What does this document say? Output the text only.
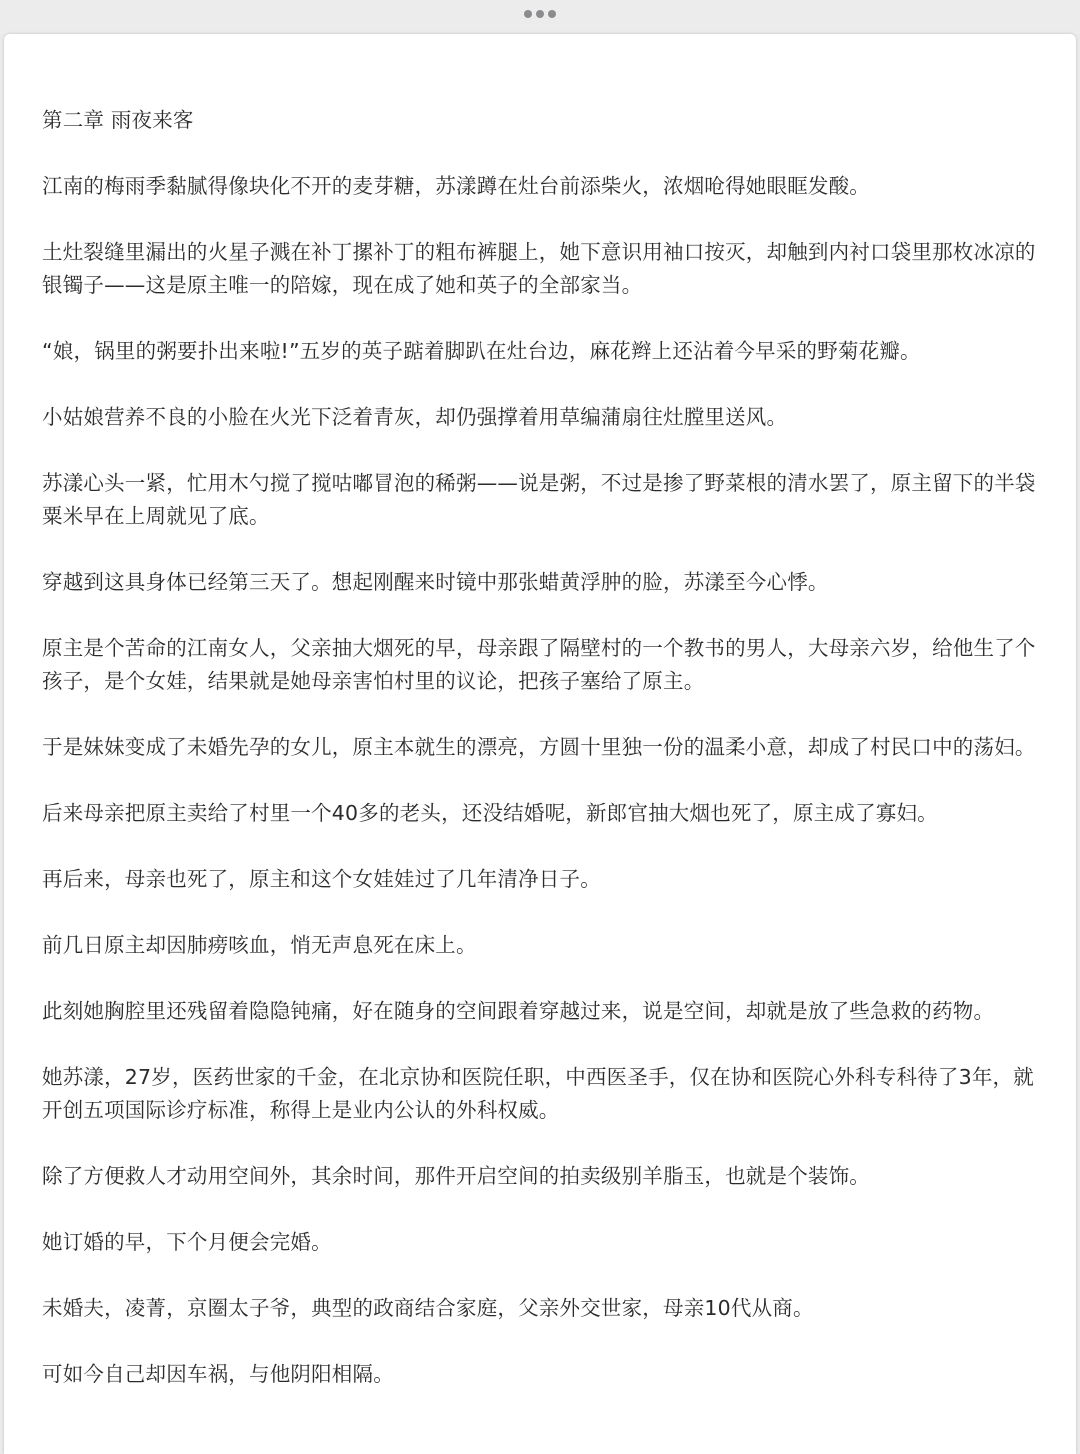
第二章 雨夜来客

江南的梅雨季黏腻得像块化不开的麦芽糖，苏漾蹲在灶台前添柴火，浓烟呛得她眼眶发酸。

土灶裂缝里漏出的火星子溅在补丁摞补丁的粗布裤腿上，她下意识用袖口按灭，却触到内衬口袋里那枚冰凉的银镯子——这是原主唯一的陪嫁，现在成了她和英子的全部家当。

“娘，锅里的粥要扑出来啦!”五岁的英子踮着脚趴在灶台边，麻花辫上还沾着今早采的野菊花瓣。

小姑娘营养不良的小脸在火光下泛着青灰，却仍强撑着用草编蒲扇往灶膛里送风。

苏漾心头一紧，忙用木勺搅了搅咕嘟冒泡的稀粥——说是粥，不过是掺了野菜根的清水罢了，原主留下的半袋粟米早在上周就见了底。

穿越到这具身体已经第三天了。想起刚醒来时镜中那张蜡黄浮肿的脸，苏漾至今心悸。

原主是个苦命的江南女人，父亲抽大烟死的早，母亲跟了隔壁村的一个教书的男人，大母亲六岁，给他生了个孩子，是个女娃，结果就是她母亲害怕村里的议论，把孩子塞给了原主。

于是妹妹变成了未婚先孕的女儿，原主本就生的漂亮，方圆十里独一份的温柔小意，却成了村民口中的荡妇。

后来母亲把原主卖给了村里一个40多的老头，还没结婚呢，新郎官抽大烟也死了，原主成了寡妇。

再后来，母亲也死了，原主和这个女娃娃过了几年清净日子。

前几日原主却因肺痨咳血，悄无声息死在床上。

此刻她胸腔里还残留着隐隐钝痛，好在随身的空间跟着穿越过来，说是空间，却就是放了些急救的药物。

她苏漾，27岁，医药世家的千金，在北京协和医院任职，中西医圣手，仅在协和医院心外科专科待了3年，就开创五项国际诊疗标准，称得上是业内公认的外科权威。

除了方便救人才动用空间外，其余时间，那件开启空间的拍卖级别羊脂玉，也就是个装饰。

她订婚的早，下个月便会完婚。

未婚夫，凌菁，京圈太子爷，典型的政商结合家庭，父亲外交世家，母亲10代从商。

可如今自己却因车祸，与他阴阳相隔。
